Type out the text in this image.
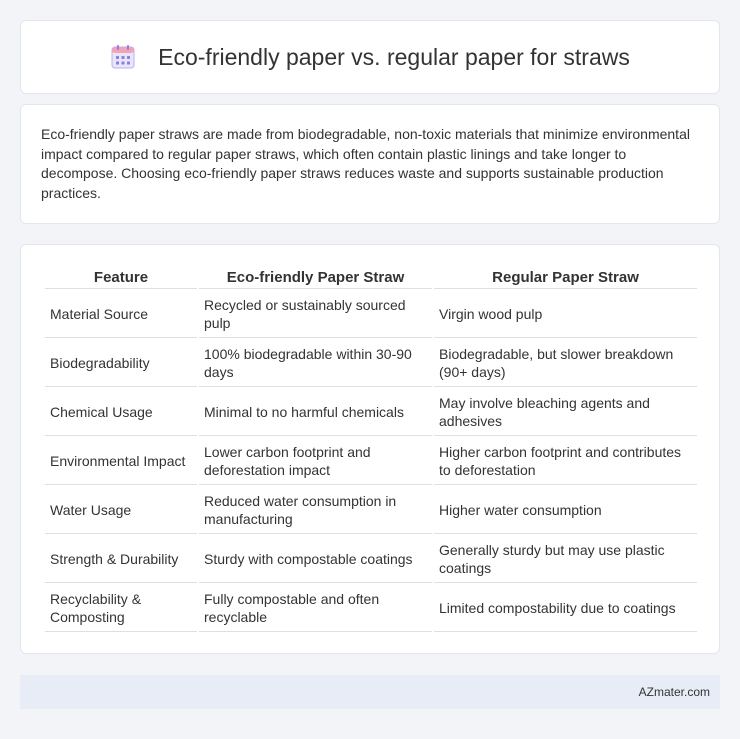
Eco-friendly paper vs. regular paper for straws

Eco-friendly paper straws are made from biodegradable, non-toxic materials that minimize environmental impact compared to regular paper straws, which often contain plastic linings and take longer to decompose. Choosing eco-friendly paper straws reduces waste and supports sustainable production practices.

Feature	Eco-friendly Paper Straw	Regular Paper Straw
Material Source	Recycled or sustainably sourced pulp	Virgin wood pulp
Biodegradability	100% biodegradable within 30-90 days	Biodegradable, but slower breakdown (90+ days)
Chemical Usage	Minimal to no harmful chemicals	May involve bleaching agents and adhesives
Environmental Impact	Lower carbon footprint and deforestation impact	Higher carbon footprint and contributes to deforestation
Water Usage	Reduced water consumption in manufacturing	Higher water consumption
Strength & Durability	Sturdy with compostable coatings	Generally sturdy but may use plastic coatings
Recyclability & Composting	Fully compostable and often recyclable	Limited compostability due to coatings
AZmater.com
